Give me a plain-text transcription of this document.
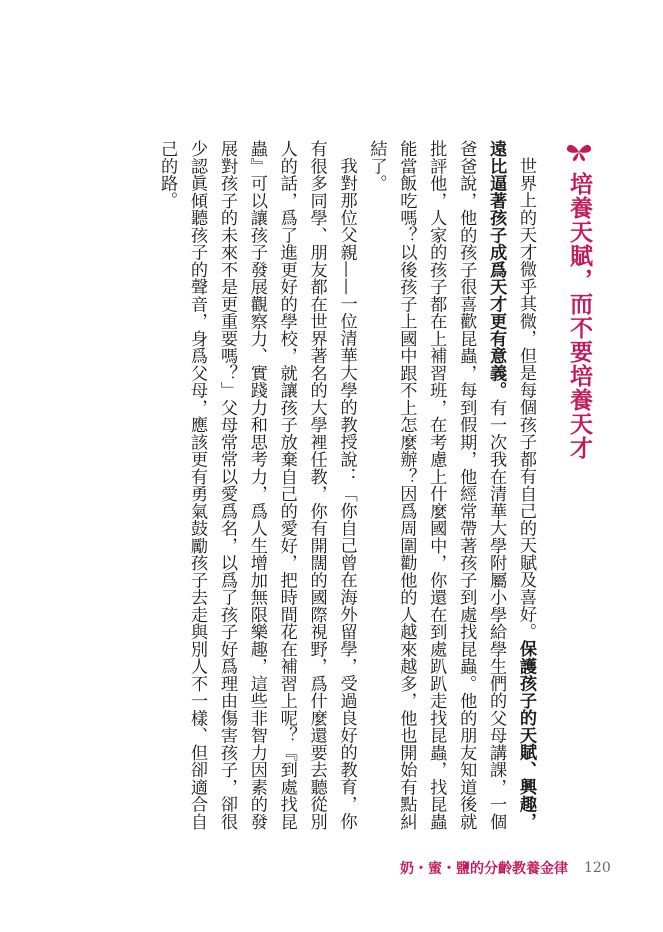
培養天賦，而不要培養天才

世界上的天才微乎其微，但是每個孩子都有自己的天賦及喜好。保護孩子的天賦、興趣，遠比逼著孩子成爲天才更有意義。有一次我在清華大學附屬小學給學生們的父母講課，一個爸爸說，他的孩子很喜歡昆蟲，每到假期，他經常帶著孩子到處找昆蟲。他的朋友知道後就批評他，人家的孩子都在上補習班，在考慮上什麼國中，你還在到處趴趴走找昆蟲，找昆蟲能當飯吃嗎？以後孩子上國中跟不上怎麼辦？因爲周圍勸他的人越來越多，他也開始有點糾結了。

我對那位父親——一位清華大學的教授說：「你自己曾在海外留學，受過良好的教育，你有很多同學、朋友都在世界著名的大學裡任教，你有開闊的國際視野，爲什麼還要去聽從別人的話，爲了進更好的學校，就讓孩子放棄自己的愛好，把時間花在補習上呢？『到處找昆蟲』可以讓孩子發展觀察力、實踐力和思考力，爲人生增加無限樂趣，這些非智力因素的發展對孩子的未來不是更重要嗎？」父母常常以愛爲名，以爲了孩子好爲理由傷害孩子，卻很少認眞傾聽孩子的聲音，身爲父母，應該更有勇氣鼓勵孩子去走與別人不一樣、但卻適合自己的路。

奶・蜜・鹽的分齡教養金律 120
